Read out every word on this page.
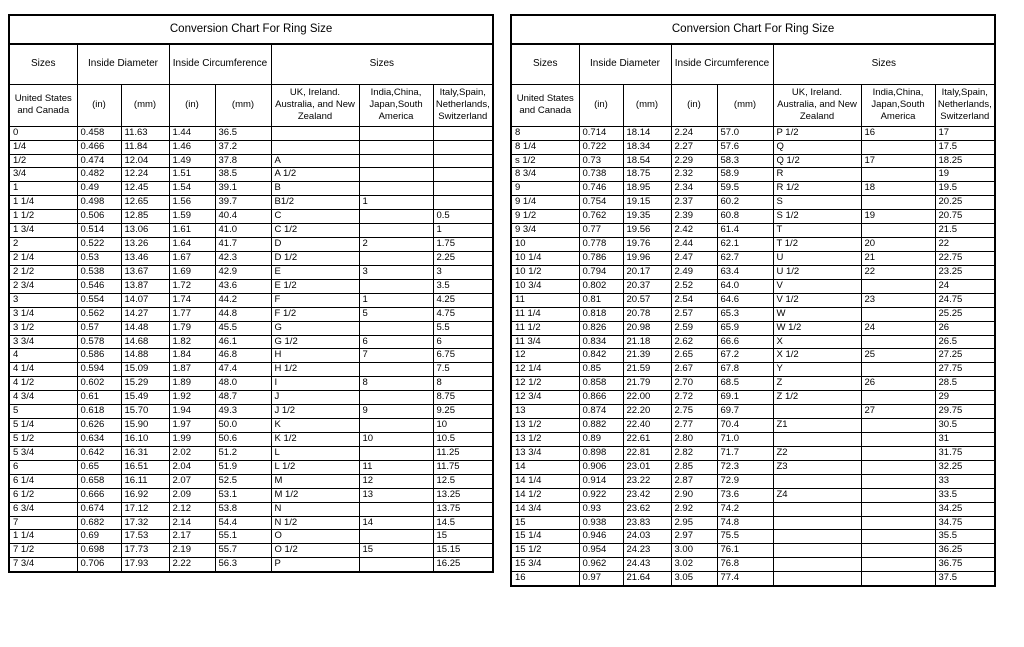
Conversion Chart For Ring Size							
Sizes	Inside Diameter		Inside Circumference		Sizes		
United States and Canada	(in)	(mm)	(in)	(mm)	UK, Ireland. Australia, and New Zealand	India,China, Japan,South America	Italy,Spain, Netherlands, Switzerland
0	0.458	11.63	1.44	36.5			
1/4	0.466	11.84	1.46	37.2			
1/2	0.474	12.04	1.49	37.8	A		
3/4	0.482	12.24	1.51	38.5	A 1/2		
1	0.49	12.45	1.54	39.1	B		
1 1/4	0.498	12.65	1.56	39.7	B1/2	1	
1 1/2	0.506	12.85	1.59	40.4	C		0.5
1 3/4	0.514	13.06	1.61	41.0	C 1/2		1
2	0.522	13.26	1.64	41.7	D	2	1.75
2 1/4	0.53	13.46	1.67	42.3	D 1/2		2.25
2 1/2	0.538	13.67	1.69	42.9	E	3	3
2 3/4	0.546	13.87	1.72	43.6	E 1/2		3.5
3	0.554	14.07	1.74	44.2	F	1	4.25
3 1/4	0.562	14.27	1.77	44.8	F 1/2	5	4.75
3 1/2	0.57	14.48	1.79	45.5	G		5.5
3 3/4	0.578	14.68	1.82	46.1	G 1/2	6	6
4	0.586	14.88	1.84	46.8	H	7	6.75
4 1/4	0.594	15.09	1.87	47.4	H 1/2		7.5
4 1/2	0.602	15.29	1.89	48.0	I	8	8
4 3/4	0.61	15.49	1.92	48.7	J		8.75
5	0.618	15.70	1.94	49.3	J 1/2	9	9.25
5 1/4	0.626	15.90	1.97	50.0	K		10
5 1/2	0.634	16.10	1.99	50.6	K 1/2	10	10.5
5 3/4	0.642	16.31	2.02	51.2	L		11.25
6	0.65	16.51	2.04	51.9	L 1/2	11	11.75
6 1/4	0.658	16.11	2.07	52.5	M	12	12.5
6 1/2	0.666	16.92	2.09	53.1	M 1/2	13	13.25
6 3/4	0.674	17.12	2.12	53.8	N		13.75
7	0.682	17.32	2.14	54.4	N 1/2	14	14.5
1 1/4	0.69	17.53	2.17	55.1	O		15
7 1/2	0.698	17.73	2.19	55.7	O 1/2	15	15.15
7 3/4	0.706	17.93	2.22	56.3	P		16.25
Conversion Chart For Ring Size							
Sizes	Inside Diameter		Inside Circumference		Sizes		
United States and Canada	(in)	(mm)	(in)	(mm)	UK, Ireland. Australia, and New Zealand	India,China, Japan,South America	Italy,Spain, Netherlands, Switzerland
8	0.714	18.14	2.24	57.0	P 1/2	16	17
8 1/4	0.722	18.34	2.27	57.6	Q		17.5
s 1/2	0.73	18.54	2.29	58.3	Q 1/2	17	18.25
8 3/4	0.738	18.75	2.32	58.9	R		19
9	0.746	18.95	2.34	59.5	R 1/2	18	19.5
9 1/4	0.754	19.15	2.37	60.2	S		20.25
9 1/2	0.762	19.35	2.39	60.8	S 1/2	19	20.75
9 3/4	0.77	19.56	2.42	61.4	T		21.5
10	0.778	19.76	2.44	62.1	T 1/2	20	22
10 1/4	0.786	19.96	2.47	62.7	U	21	22.75
10 1/2	0.794	20.17	2.49	63.4	U 1/2	22	23.25
10 3/4	0.802	20.37	2.52	64.0	V		24
11	0.81	20.57	2.54	64.6	V 1/2	23	24.75
11 1/4	0.818	20.78	2.57	65.3	W		25.25
11 1/2	0.826	20.98	2.59	65.9	W 1/2	24	26
11 3/4	0.834	21.18	2.62	66.6	X		26.5
12	0.842	21.39	2.65	67.2	X 1/2	25	27.25
12 1/4	0.85	21.59	2.67	67.8	Y		27.75
12 1/2	0.858	21.79	2.70	68.5	Z	26	28.5
12 3/4	0.866	22.00	2.72	69.1	Z 1/2		29
13	0.874	22.20	2.75	69.7		27	29.75
13 1/2	0.882	22.40	2.77	70.4	Z1		30.5
13 1/2	0.89	22.61	2.80	71.0			31
13 3/4	0.898	22.81	2.82	71.7	Z2		31.75
14	0.906	23.01	2.85	72.3	Z3		32.25
14 1/4	0.914	23.22	2.87	72.9			33
14 1/2	0.922	23.42	2.90	73.6	Z4		33.5
14 3/4	0.93	23.62	2.92	74.2			34.25
15	0.938	23.83	2.95	74.8			34.75
15 1/4	0.946	24.03	2.97	75.5			35.5
15 1/2	0.954	24.23	3.00	76.1			36.25
15 3/4	0.962	24.43	3.02	76.8			36.75
16	0.97	21.64	3.05	77.4			37.5
